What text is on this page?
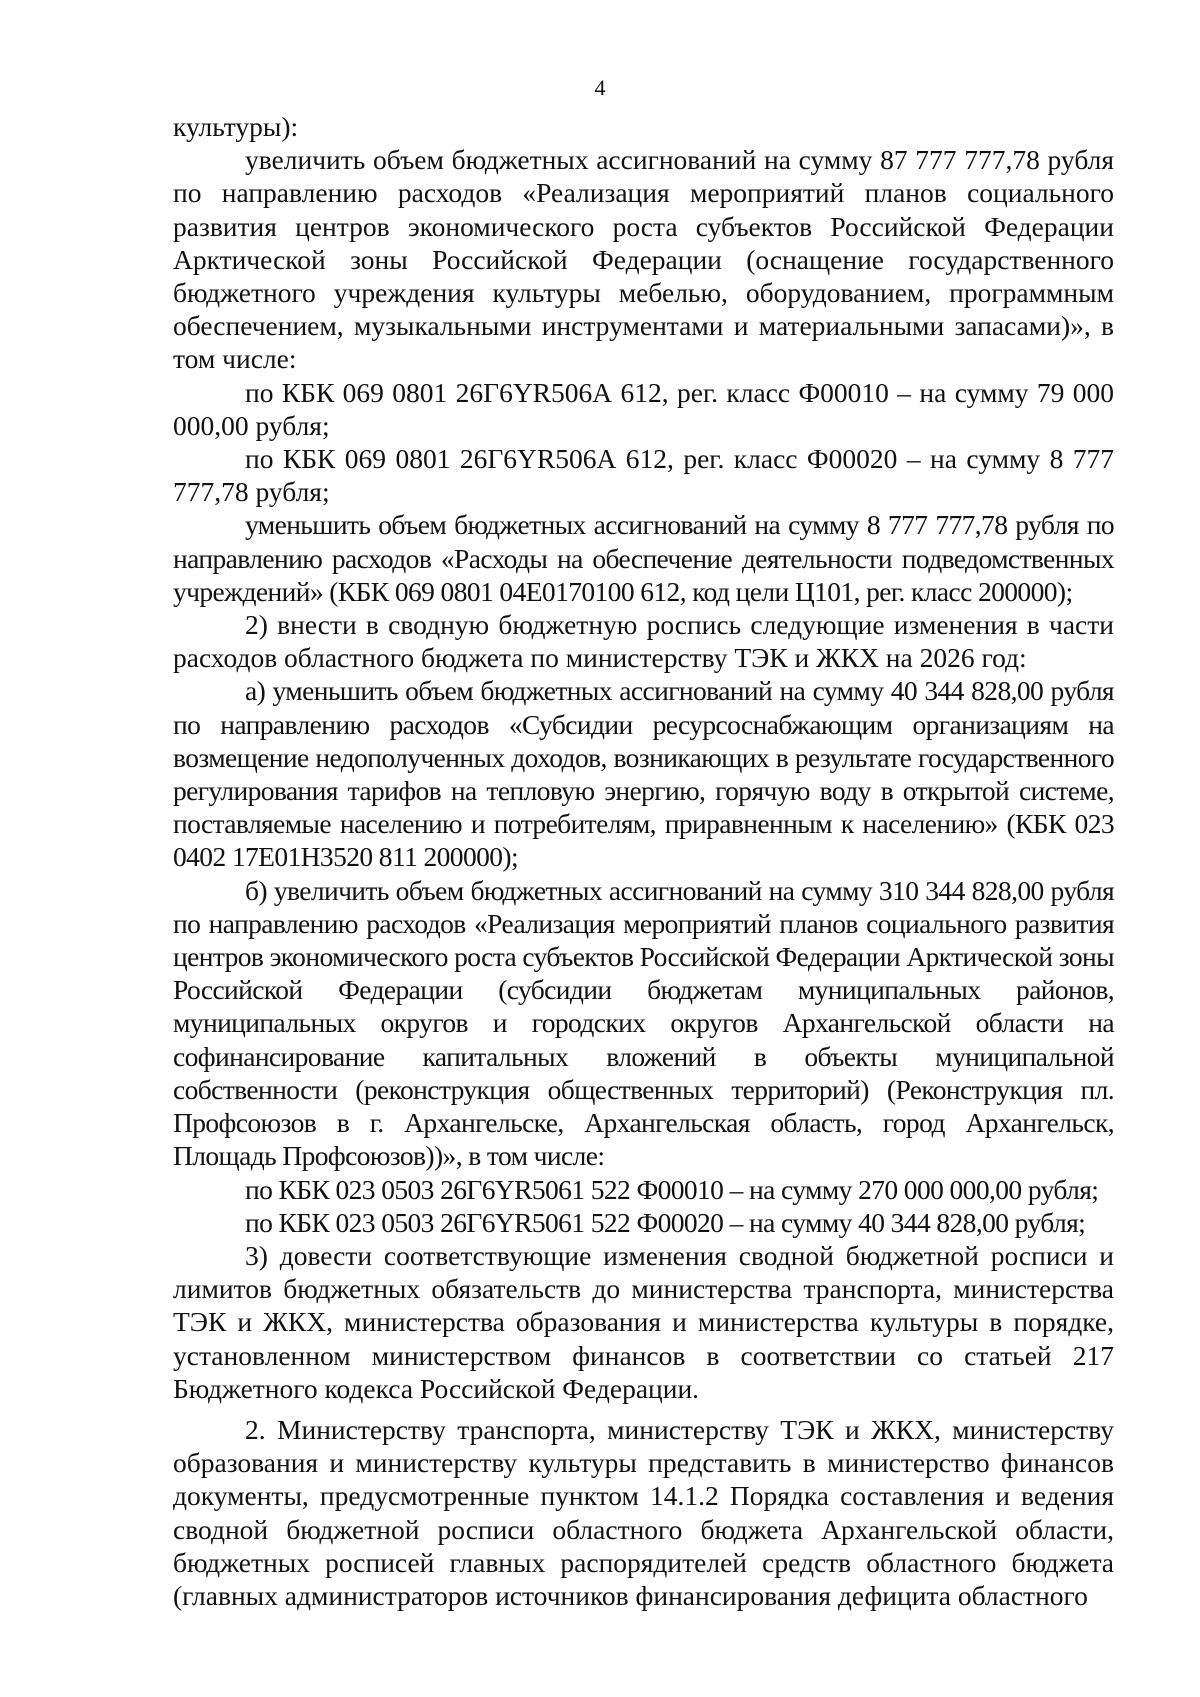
4

культуры):

увеличить объем бюджетных ассигнований на сумму 87 777 777,78 рубля по направлению расходов «Реализация мероприятий планов социального развития центров экономического роста субъектов Российской Федерации Арктической зоны Российской Федерации (оснащение государственного бюджетного учреждения культуры мебелью, оборудованием, программным обеспечением, музыкальными инструментами и материальными запасами)», в том числе:

по КБК 069 0801 26Г6YR506А 612, рег. класс Ф00010 – на сумму 79 000 000,00 рубля;

по КБК 069 0801 26Г6YR506А 612, рег. класс Ф00020 – на сумму 8 777 777,78 рубля;

уменьшить объем бюджетных ассигнований на сумму 8 777 777,78 рубля по направлению расходов «Расходы на обеспечение деятельности подведомственных учреждений» (КБК 069 0801 04Е0170100 612, код цели Ц101, рег. класс 200000);

2) внести в сводную бюджетную роспись следующие изменения в части расходов областного бюджета по министерству ТЭК и ЖКХ на 2026 год:

а) уменьшить объем бюджетных ассигнований на сумму 40 344 828,00 рубля по направлению расходов «Субсидии ресурсоснабжающим организациям на возмещение недополученных доходов, возникающих в результате государственного регулирования тарифов на тепловую энергию, горячую воду в открытой системе, поставляемые населению и потребителям, приравненным к населению» (КБК 023 0402 17Е01Н3520 811 200000);

б) увеличить объем бюджетных ассигнований на сумму 310 344 828,00 рубля по направлению расходов «Реализация мероприятий планов социального развития центров экономического роста субъектов Российской Федерации Арктической зоны Российской Федерации (субсидии бюджетам муниципальных районов, муниципальных округов и городских округов Архангельской области на софинансирование капитальных вложений в объекты муниципальной собственности (реконструкция общественных территорий) (Реконструкция пл. Профсоюзов в г. Архангельске, Архангельская область, город Архангельск, Площадь Профсоюзов))», в том числе:

по КБК 023 0503 26Г6YR5061 522 Ф00010 – на сумму 270 000 000,00 рубля;

по КБК 023 0503 26Г6YR5061 522 Ф00020 – на сумму 40 344 828,00 рубля;

3) довести соответствующие изменения сводной бюджетной росписи и лимитов бюджетных обязательств до министерства транспорта, министерства ТЭК и ЖКХ, министерства образования и министерства культуры в порядке, установленном министерством финансов в соответствии со статьей 217 Бюджетного кодекса Российской Федерации.

2. Министерству транспорта, министерству ТЭК и ЖКХ, министерству образования и министерству культуры представить в министерство финансов документы, предусмотренные пунктом 14.1.2 Порядка составления и ведения сводной бюджетной росписи областного бюджета Архангельской области, бюджетных росписей главных распорядителей средств областного бюджета (главных администраторов источников финансирования дефицита областного
